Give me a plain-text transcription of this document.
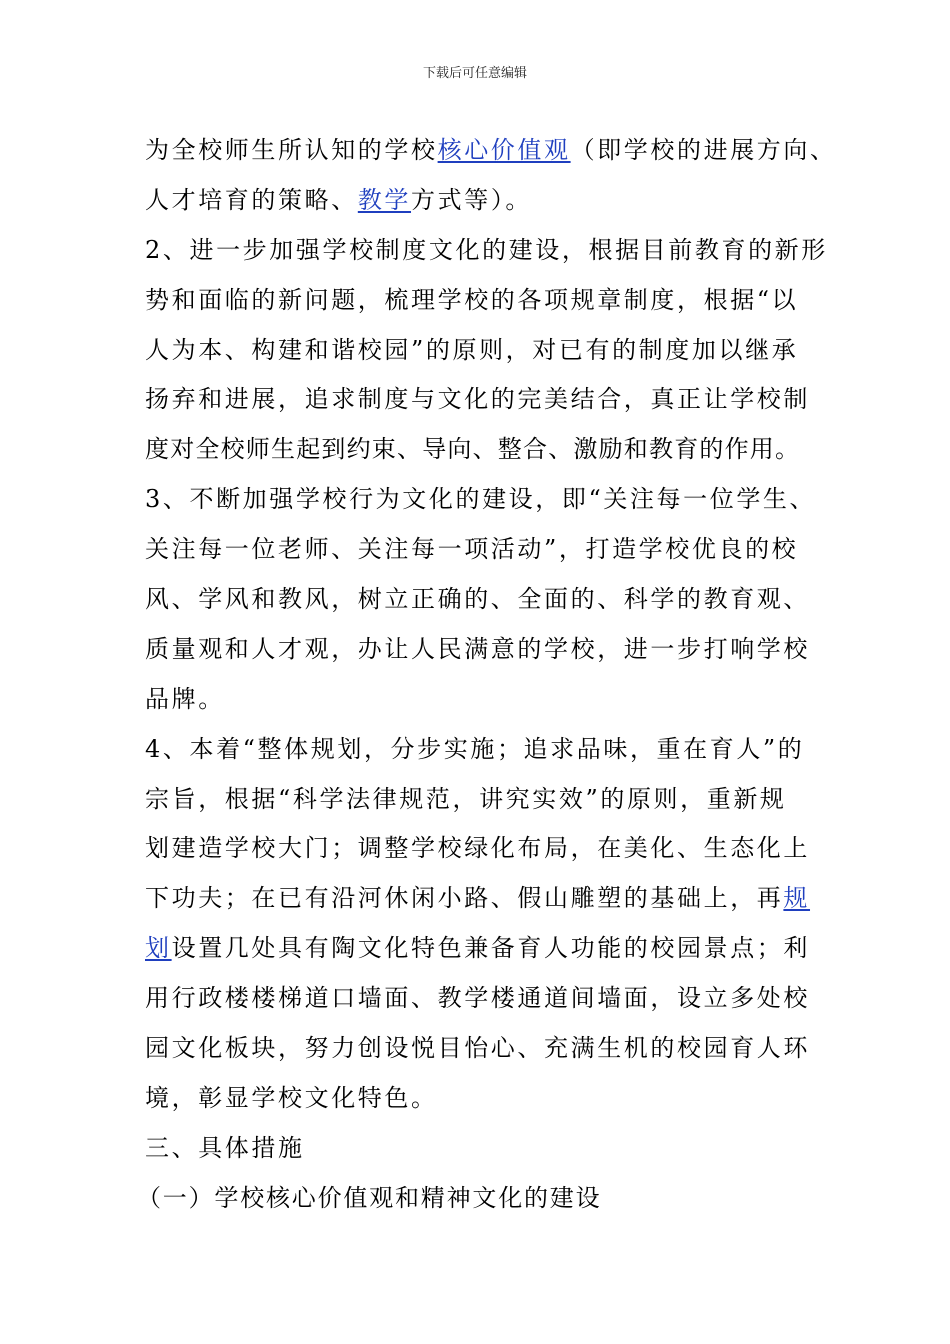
下载后可任意编辑
为全校师生所认知的学校核心价值观（即学校的进展方向、
人才培育的策略、教学方式等）。
2、进一步加强学校制度文化的建设，根据目前教育的新形
势和面临的新问题，梳理学校的各项规章制度，根据“以
人为本、构建和谐校园”的原则，对已有的制度加以继承
扬弃和进展，追求制度与文化的完美结合，真正让学校制
度对全校师生起到约束、导向、整合、激励和教育的作用。
3、不断加强学校行为文化的建设，即“关注每一位学生、
关注每一位老师、关注每一项活动”，打造学校优良的校
风、学风和教风，树立正确的、全面的、科学的教育观、
质量观和人才观，办让人民满意的学校，进一步打响学校
品牌。
4、本着“整体规划，分步实施；追求品味，重在育人”的
宗旨，根据“科学法律规范，讲究实效”的原则，重新规
划建造学校大门；调整学校绿化布局，在美化、生态化上
下功夫；在已有沿河休闲小路、假山雕塑的基础上，再规
划设置几处具有陶文化特色兼备育人功能的校园景点；利
用行政楼楼梯道口墙面、教学楼通道间墙面，设立多处校
园文化板块，努力创设悦目怡心、充满生机的校园育人环
境，彰显学校文化特色。
三、具体措施
（一）学校核心价值观和精神文化的建设
